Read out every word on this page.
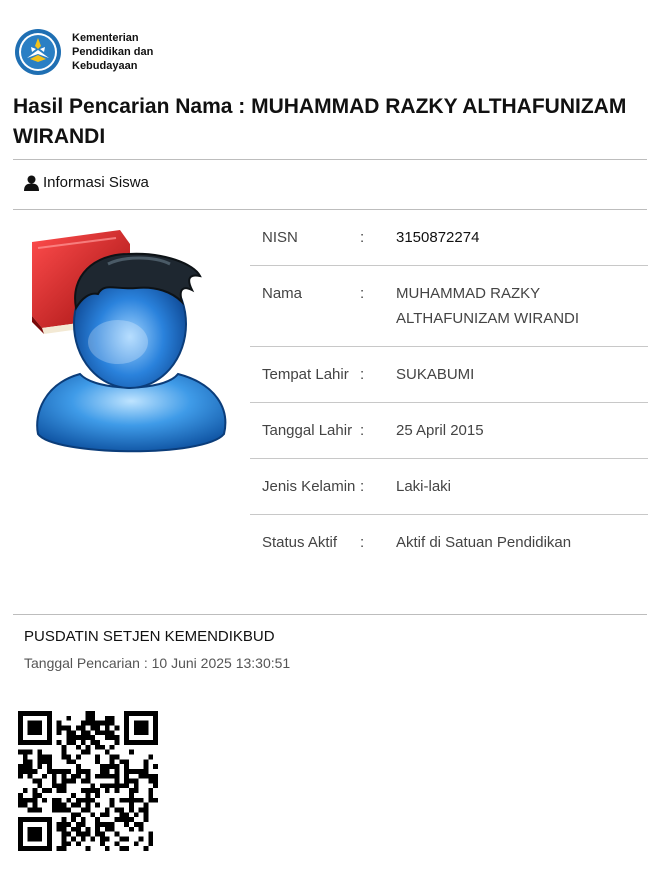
Kementerian
Pendidikan dan
Kebudayaan
Hasil Pencarian Nama : MUHAMMAD RAZKY ALTHAFUNIZAM WIRANDI
Informasi Siswa
NISN	:	3150872274
Nama	:	MUHAMMAD RAZKY ALTHAFUNIZAM WIRANDI
Tempat Lahir :	SUKABUMI
Tanggal Lahir :	25 April 2015
Jenis Kelamin :	Laki-laki
Status Aktif	:	Aktif di Satuan Pendidikan
PUSDATIN SETJEN KEMENDIKBUD
Tanggal Pencarian : 10 Juni 2025 13:30:51
